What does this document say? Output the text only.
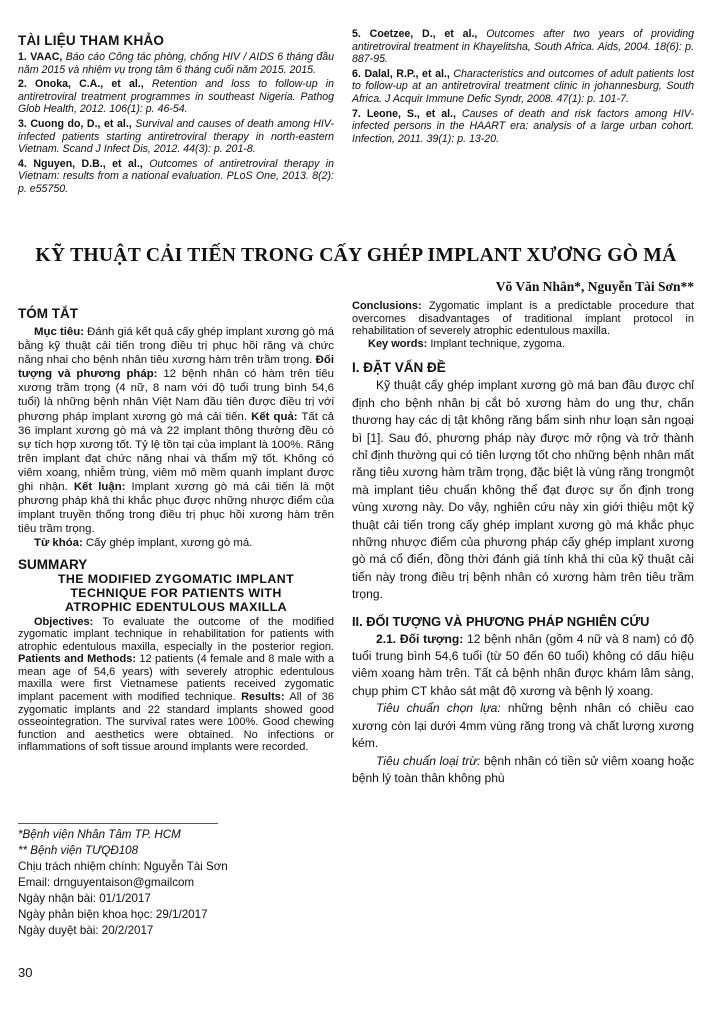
TÀI LIỆU THAM KHẢO

1. VAAC, Báo cáo Công tác phòng, chống HIV / AIDS 6 tháng đầu năm 2015 và nhiệm vụ trọng tâm 6 tháng cuối năm 2015. 2015.

2. Onoka, C.A., et al., Retention and loss to follow-up in antiretroviral treatment programmes in southeast Nigeria. Pathog Glob Health, 2012. 106(1): p. 46-54.

3. Cuong do, D., et al., Survival and causes of death among HIV-infected patients starting antiretroviral therapy in north-eastern Vietnam. Scand J Infect Dis, 2012. 44(3): p. 201-8.

4. Nguyen, D.B., et al., Outcomes of antiretroviral therapy in Vietnam: results from a national evaluation. PLoS One, 2013. 8(2): p. e55750.

5. Coetzee, D., et al., Outcomes after two years of providing antiretroviral treatment in Khayelitsha, South Africa. Aids, 2004. 18(6): p. 887-95.

6. Dalal, R.P., et al., Characteristics and outcomes of adult patients lost to follow-up at an antiretroviral treatment clinic in johannesburg, South Africa. J Acquir Immune Defic Syndr, 2008. 47(1): p. 101-7.

7. Leone, S., et al., Causes of death and risk factors among HIV-infected persons in the HAART era: analysis of a large urban cohort. Infection, 2011. 39(1): p. 13-20.

KỸ THUẬT CẢI TIẾN TRONG CẤY GHÉP IMPLANT XƯƠNG GÒ MÁ
Võ Văn Nhân*, Nguyễn Tài Sơn**
TÓM TẮT

Mục tiêu: Đánh giá kết quả cấy ghép implant xương gò má bằng kỹ thuật cải tiến trong điều trị phục hồi răng và chức năng nhai cho bệnh nhân tiêu xương hàm trên trầm trọng. Đối tượng và phương pháp: 12 bệnh nhân có hàm trên tiêu xương trầm trọng (4 nữ, 8 nam với độ tuổi trung bình 54,6 tuổi) là những bệnh nhân Việt Nam đầu tiên được điều trị với phương pháp implant xương gò má cải tiến. Kết quả: Tất cả 36 implant xương gò má và 22 implant thông thường đều có sự tích hợp xương tốt. Tỷ lệ tồn tại của implant là 100%. Răng trên implant đạt chức năng nhai và thẩm mỹ tốt. Không có viêm xoang, nhiễm trùng, viêm mô mềm quanh implant được ghi nhận. Kết luận: Implant xương gò má cải tiến là một phương pháp khả thi khắc phục được những nhược điểm của implant truyền thống trong điều trị phục hồi xương hàm trên tiêu trầm trọng.

Từ khóa: Cấy ghép implant, xương gò má.

SUMMARY

THE MODIFIED ZYGOMATIC IMPLANT TECHNIQUE FOR PATIENTS WITH ATROPHIC EDENTULOUS MAXILLA

Objectives: To evaluate the outcome of the modified zygomatic implant technique in rehabilitation for patients with atrophic edentulous maxilla, especially in the posterior region. Patients and Methods: 12 patients (4 female and 8 male with a mean age of 54,6 years) with severely atrophic edentulous maxilla were first Vietnamese patients received zygomatic implant pacement with modified technique. Results: All of 36 zygomatic implants and 22 standard implants showed good osseointegration. The survival rates were 100%. Good chewing function and aesthetics were obtained. No infections or inflammations of soft tissue around implants were recorded.

*Bệnh viện Nhân Tâm TP. HCM
** Bệnh viện TƯQĐ108
Chịu trách nhiệm chính: Nguyễn Tài Sơn
Email: drnguyentaison@gmailcom
Ngày nhận bài: 01/1/2017
Ngày phản biện khoa học: 29/1/2017
Ngày duyệt bài: 20/2/2017

Conclusions: Zygomatic implant is a predictable procedure that overcomes disadvantages of traditional implant protocol in rehabilitation of severely atrophic edentulous maxilla.

Key words: Implant technique, zygoma.

I. ĐẶT VẤN ĐỀ

Kỹ thuật cấy ghép implant xương gò má ban đầu được chỉ định cho bệnh nhân bị cắt bỏ xương hàm do ung thư, chấn thương hay các dị tật không răng bẩm sinh như loạn sản ngoại bì [1]. Sau đó, phương pháp này được mở rộng và trở thành chỉ định thường qui có tiên lượng tốt cho những bệnh nhân mất răng tiêu xương hàm trầm trọng, đặc biệt là vùng răng trongmột mà implant tiêu chuẩn không thể đạt được sự ổn định trong vùng xương này. Do vậy, nghiên cứu này xin giới thiệu một kỹ thuật cải tiến trong cấy ghép implant xương gò má khắc phục những nhược điểm của phương pháp cấy ghép implant xương gò má cổ điển, đồng thời đánh giá tính khả thi của kỹ thuật cải tiến này trong điều trị bệnh nhân có xương hàm trên tiêu trầm trọng.

II. ĐỐI TƯỢNG VÀ PHƯƠNG PHÁP NGHIÊN CỨU

2.1. Đối tượng: 12 bệnh nhân (gồm 4 nữ và 8 nam) có độ tuổi trung bình 54,6 tuổi (từ 50 đến 60 tuổi) không có dấu hiệu viêm xoang hàm trên. Tất cả bệnh nhân được khám lâm sàng, chụp phim CT khảo sát mật độ xương và bệnh lý xoang.

Tiêu chuẩn chọn lựa: những bệnh nhân có chiều cao xương còn lại dưới 4mm vùng răng trong và chất lượng xương kém.

Tiêu chuẩn loại trừ: bệnh nhân có tiền sử viêm xoang hoặc bệnh lý toàn thân không phù

30
